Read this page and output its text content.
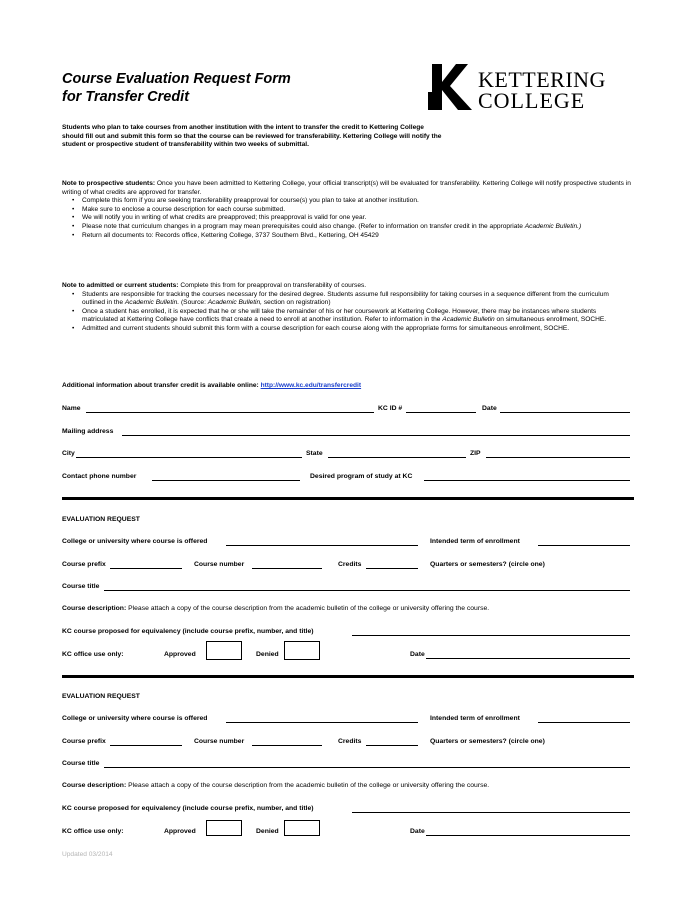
Course Evaluation Request Form
for Transfer Credit
KETTERING
COLLEGE
Students who plan to take courses from another institution with the intent to transfer the credit to Kettering College should fill out and submit this form so that the course can be reviewed for transferability. Kettering College will notify the student or prospective student of transferability within two weeks of submittal.
Note to prospective students: Once you have been admitted to Kettering College, your official transcript(s) will be evaluated for transferability. Kettering College will notify prospective students in writing of what credits are approved for transfer.
• Complete this form if you are seeking transferability preapproval for course(s) you plan to take at another institution.
• Make sure to enclose a course description for each course submitted.
• We will notify you in writing of what credits are preapproved; this preapproval is valid for one year.
• Please note that curriculum changes in a program may mean prerequisites could also change. (Refer to information on transfer credit in the appropriate Academic Bulletin.)
• Return all documents to: Records office, Kettering College, 3737 Southern Blvd., Kettering, OH 45429
Note to admitted or current students: Complete this from for preapproval on transferability of courses.
• Students are responsible for tracking the courses necessary for the desired degree. Students assume full responsibility for taking courses in a sequence different from the curriculum outlined in the Academic Bulletin. (Source: Academic Bulletin, section on registration)
• Once a student has enrolled, it is expected that he or she will take the remainder of his or her coursework at Kettering College. However, there may be instances where students matriculated at Kettering College have conflicts that create a need to enroll at another institution. Refer to information in the Academic Bulletin on simultaneous enrollment, SOCHE.
• Admitted and current students should submit this form with a course description for each course along with the appropriate forms for simultaneous enrollment, SOCHE.
Additional information about transfer credit is available online: http://www.kc.edu/transfercredit
Name	KC ID #	Date
Mailing address
City	State	ZIP
Contact phone number	Desired program of study at KC
EVALUATION REQUEST
College or university where course is offered	Intended term of enrollment
Course prefix	Course number	Credits	Quarters or semesters? (circle one)
Course title
Course description: Please attach a copy of the course description from the academic bulletin of the college or university offering the course.
KC course proposed for equivalency (include course prefix, number, and title)
KC office use only:	Approved	Denied	Date
EVALUATION REQUEST
College or university where course is offered	Intended term of enrollment
Course prefix	Course number	Credits	Quarters or semesters? (circle one)
Course title
Course description: Please attach a copy of the course description from the academic bulletin of the college or university offering the course.
KC course proposed for equivalency (include course prefix, number, and title)
KC office use only:	Approved	Denied	Date
Updated 03/2014
